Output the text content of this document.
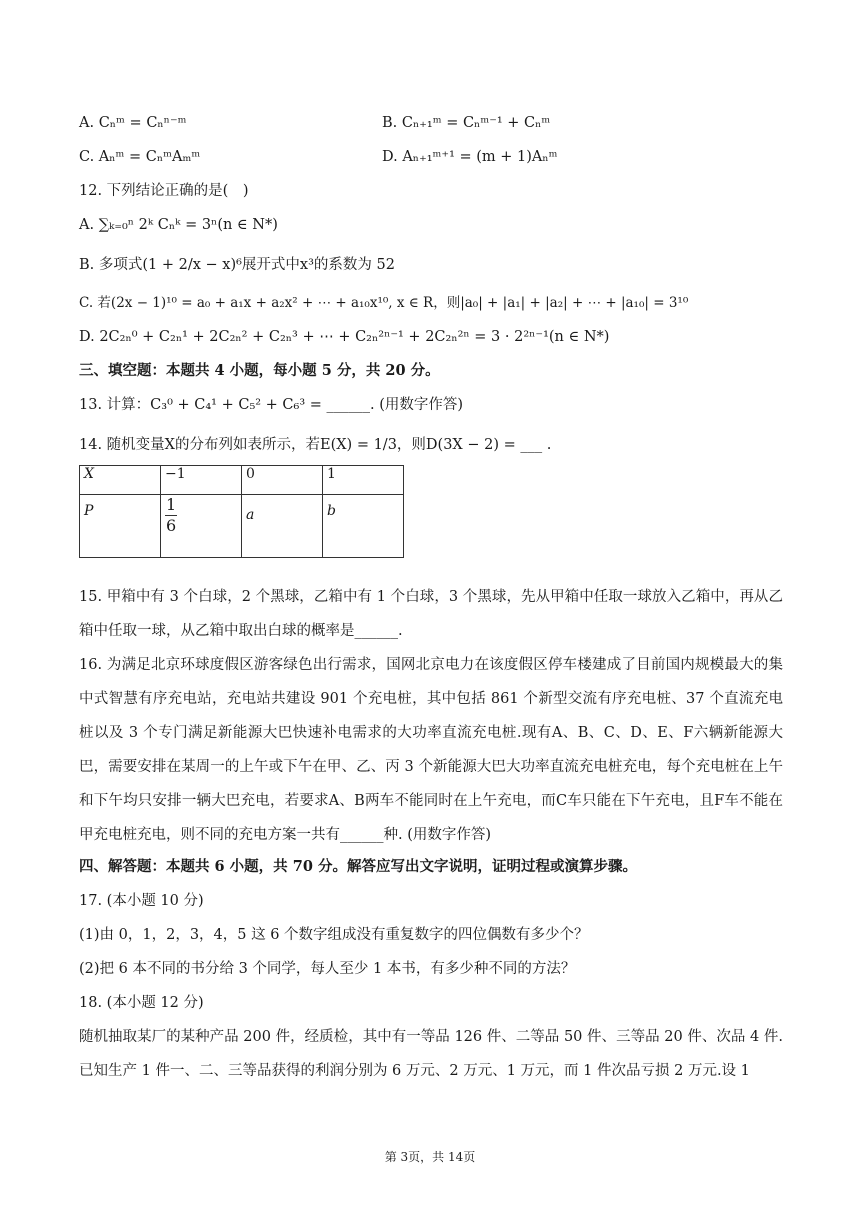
A. Cₙᵐ = Cₙⁿ⁻ᵐ	B. Cₙ₊₁ᵐ = Cₙᵐ⁻¹ + Cₙᵐ
C. Aₙᵐ = CₙᵐAₘᵐ	D. Aₙ₊₁ᵐ⁺¹ = (m + 1)Aₙᵐ
12. 下列结论正确的是(　)
A. ∑ₖ₌₀ⁿ 2ᵏ Cₙᵏ = 3ⁿ(n ∈ N*)
B. 多项式(1 + 2/x − x)⁶展开式中x³的系数为 52
C. 若(2x − 1)¹⁰ = a₀ + a₁x + a₂x² + ⋯ + a₁₀x¹⁰, x ∈ R，则|a₀| + |a₁| + |a₂| + ⋯ + |a₁₀| = 3¹⁰
D. 2C₂ₙ⁰ + C₂ₙ¹ + 2C₂ₙ² + C₂ₙ³ + ⋯ + C₂ₙ²ⁿ⁻¹ + 2C₂ₙ²ⁿ = 3 · 2²ⁿ⁻¹(n ∈ N*)
三、填空题：本题共 4 小题，每小题 5 分，共 20 分。
13. 计算：C₃⁰ + C₄¹ + C₅² + C₆³ = ______. (用数字作答)
14. 随机变量X的分布列如表所示，若E(X) = 1/3，则D(3X − 2) = ___ .
X	−1	0	1
P	$\frac{1}{6}$	a	b
15. 甲箱中有 3 个白球，2 个黑球，乙箱中有 1 个白球，3 个黑球，先从甲箱中任取一球放入乙箱中，再从乙箱中任取一球，从乙箱中取出白球的概率是______.
16. 为满足北京环球度假区游客绿色出行需求，国网北京电力在该度假区停车楼建成了目前国内规模最大的集中式智慧有序充电站，充电站共建设 901 个充电桩，其中包括 861 个新型交流有序充电桩、37 个直流充电桩以及 3 个专门满足新能源大巴快速补电需求的大功率直流充电桩.现有A、B、C、D、E、F六辆新能源大巴，需要安排在某周一的上午或下午在甲、乙、丙 3 个新能源大巴大功率直流充电桩充电，每个充电桩在上午和下午均只安排一辆大巴充电，若要求A、B两车不能同时在上午充电，而C车只能在下午充电，且F车不能在甲充电桩充电，则不同的充电方案一共有______种. (用数字作答)
四、解答题：本题共 6 小题，共 70 分。解答应写出文字说明，证明过程或演算步骤。
17. (本小题 10 分)
(1)由 0，1，2，3，4，5 这 6 个数字组成没有重复数字的四位偶数有多少个？
(2)把 6 本不同的书分给 3 个同学，每人至少 1 本书，有多少种不同的方法？
18. (本小题 12 分)
随机抽取某厂的某种产品 200 件，经质检，其中有一等品 126 件、二等品 50 件、三等品 20 件、次品 4 件.已知生产 1 件一、二、三等品获得的利润分别为 6 万元、2 万元、1 万元，而 1 件次品亏损 2 万元.设 1
第 3页，共 14页
